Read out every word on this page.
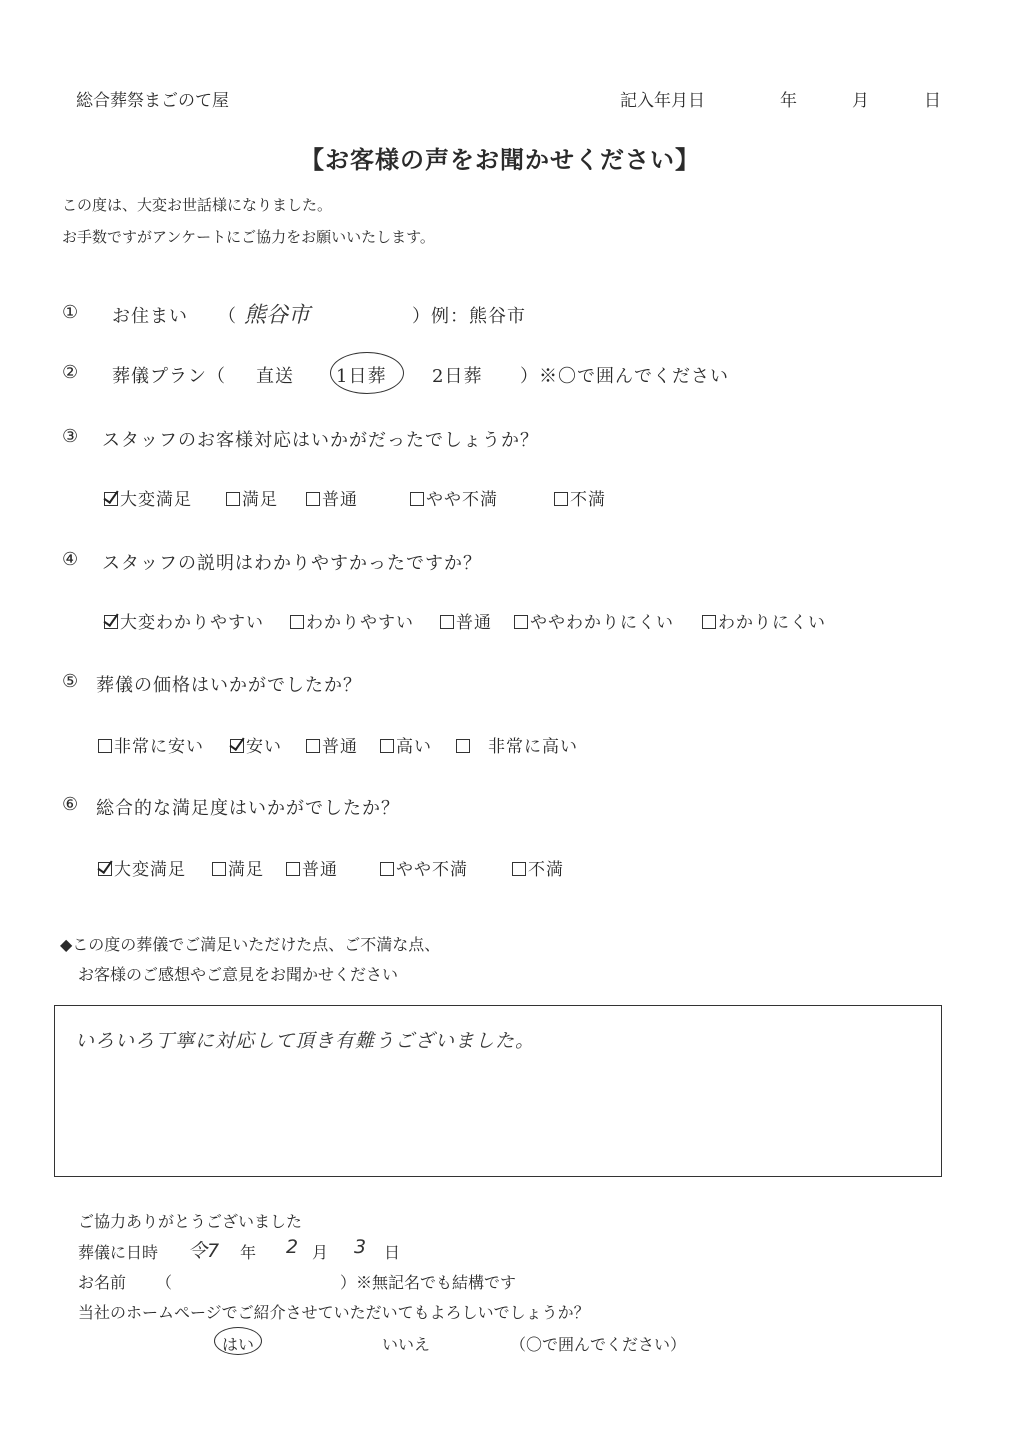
総合葬祭まごのて屋	記入年月日	年	月	日
【お客様の声をお聞かせください】
この度は、大変お世話様になりました。
お手数ですがアンケートにご協力をお願いいたします。
① お住まい （ 熊谷市	）例：熊谷市
② 葬儀プラン（ 直送 1日葬	2日葬 ）※〇で囲んでください
③ スタッフのお客様対応はいかがだったでしょうか？
大変満足	満足	普通	やや不満	不満
④ スタッフの説明はわかりやすかったですか？
大変わかりやすい	わかりやすい	普通	ややわかりにくい	わかりにくい
⑤ 葬儀の価格はいかがでしたか？
非常に安い	安い	普通	高い	非常に高い
⑥ 総合的な満足度はいかがでしたか？
大変満足	満足	普通	やや不満	不満
◆この度の葬儀でご満足いただけた点、ご不満な点、
お客様のご感想やご意見をお聞かせください
いろいろ丁寧に対応して頂き有難うございました。
ご協力ありがとうございました
葬儀に日時 令7 年 2 月 3 日
お名前 （	）※無記名でも結構です
当社のホームページでご紹介させていただいてもよろしいでしょうか？
はい	いいえ	（〇で囲んでください）
